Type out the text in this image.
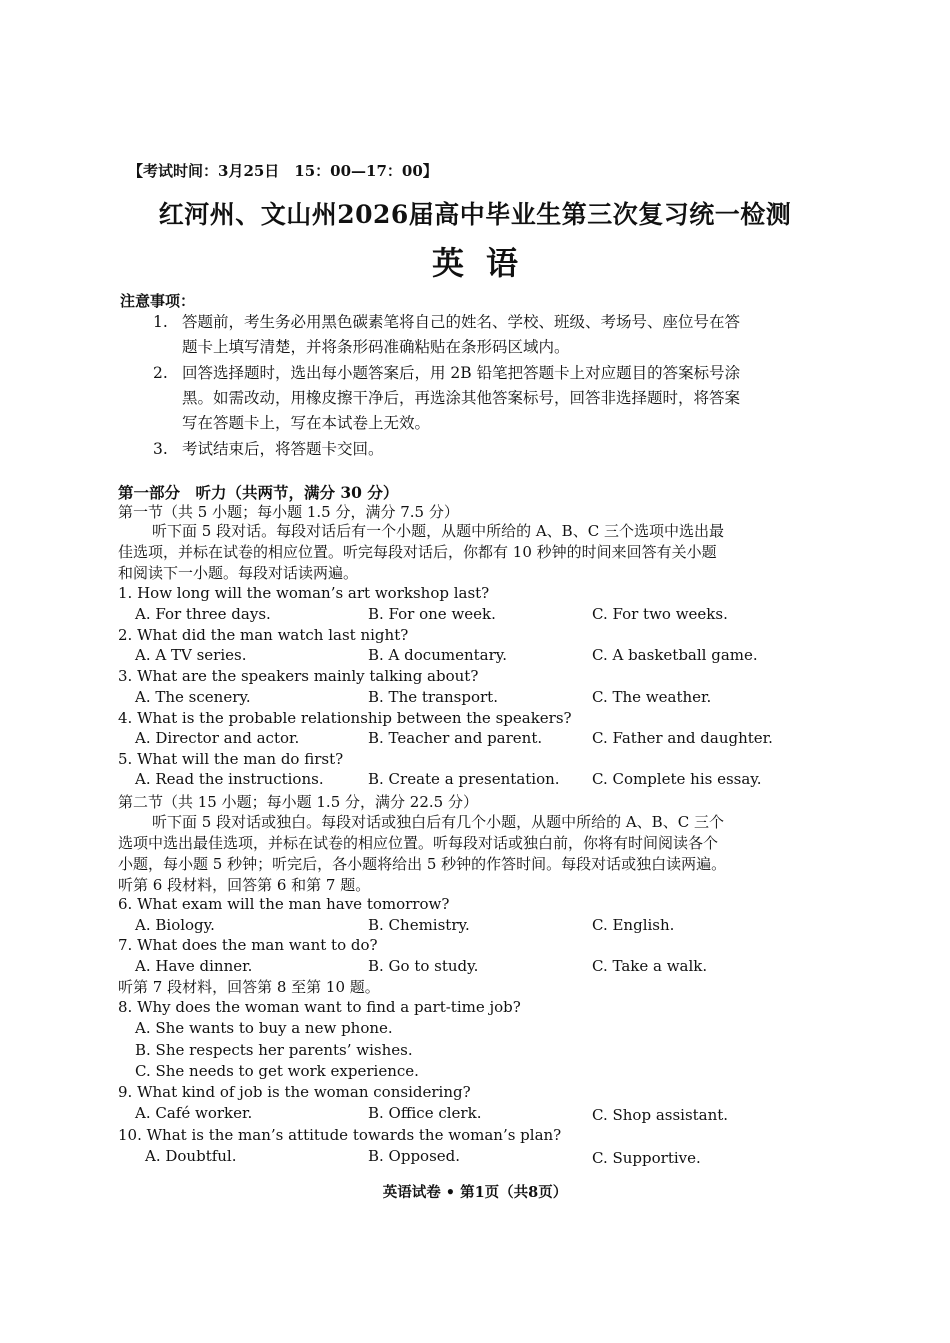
【考试时间：3月25日　15：00—17：00】
红河州、文山州2026届高中毕业生第三次复习统一检测
英语
注意事项：
1. 答题前，考生务必用黑色碳素笔将自己的姓名、学校、班级、考场号、座位号在答
题卡上填写清楚，并将条形码准确粘贴在条形码区域内。
2. 回答选择题时，选出每小题答案后，用 2B 铅笔把答题卡上对应题目的答案标号涂
黑。如需改动，用橡皮擦干净后，再选涂其他答案标号，回答非选择题时，将答案
写在答题卡上，写在本试卷上无效。
3. 考试结束后，将答题卡交回。
第一部分　听力（共两节，满分 30 分）
第一节（共 5 小题；每小题 1.5 分，满分 7.5 分）
听下面 5 段对话。每段对话后有一个小题，从题中所给的 A、B、C 三个选项中选出最
佳选项，并标在试卷的相应位置。听完每段对话后，你都有 10 秒钟的时间来回答有关小题
和阅读下一小题。每段对话读两遍。
1. How long will the woman’s art workshop last?
A. For three days.	B. For one week.	C. For two weeks.
2. What did the man watch last night?
A. A TV series.	B. A documentary.	C. A basketball game.
3. What are the speakers mainly talking about?
A. The scenery.	B. The transport.	C. The weather.
4. What is the probable relationship between the speakers?
A. Director and actor.	B. Teacher and parent.	C. Father and daughter.
5. What will the man do first?
A. Read the instructions.	B. Create a presentation. C. Complete his essay.
第二节（共 15 小题；每小题 1.5 分，满分 22.5 分）
听下面 5 段对话或独白。每段对话或独白后有几个小题，从题中所给的 A、B、C 三个
选项中选出最佳选项，并标在试卷的相应位置。听每段对话或独白前，你将有时间阅读各个
小题，每小题 5 秒钟；听完后，各小题将给出 5 秒钟的作答时间。每段对话或独白读两遍。
听第 6 段材料，回答第 6 和第 7 题。
6. What exam will the man have tomorrow?
A. Biology.	B. Chemistry.	C. English.
7. What does the man want to do?
A. Have dinner.	B. Go to study.	C. Take a walk.
听第 7 段材料，回答第 8 至第 10 题。
8. Why does the woman want to find a part-time job?
A. She wants to buy a new phone.
B. She respects her parents’ wishes.
C. She needs to get work experience.
9. What kind of job is the woman considering?
A. Café worker.	B. Office clerk.	C. Shop assistant.
10. What is the man’s attitude towards the woman’s plan?
A. Doubtful.	B. Opposed.	C. Supportive.
英语试卷 • 第1页（共8页）
